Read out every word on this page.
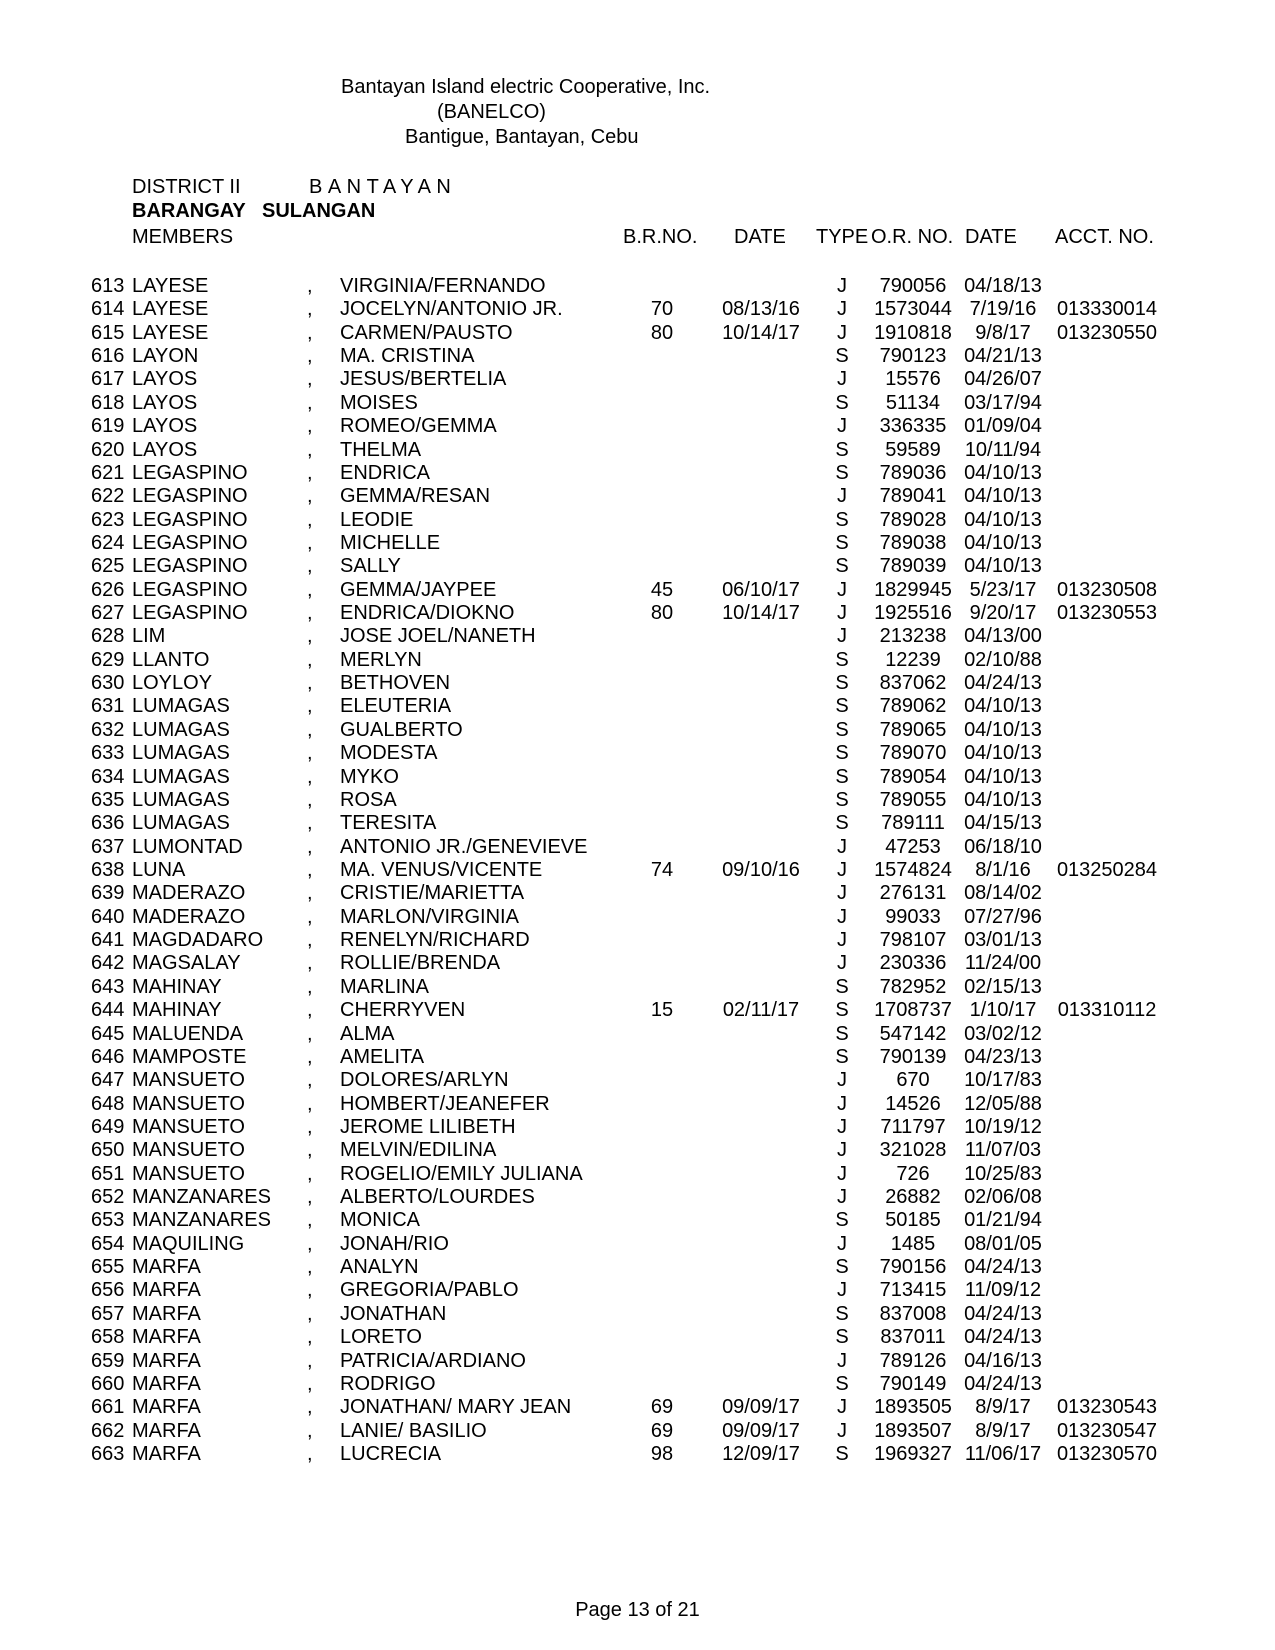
Bantayan Island electric Cooperative, Inc.
(BANELCO)
Bantigue, Bantayan, Cebu
DISTRICT II	BANTAYAN
BARANGAY SULANGAN
MEMBERS	B.R.NO. DATE TYPE O.R. NO. DATE ACCT. NO.
613 LAYESE	, VIRGINIA/FERNANDO	J	790056 04/18/13
614 LAYESE	, JOCELYN/ANTONIO JR.	70	08/13/16 J 1573044 7/19/16	013330014
615 LAYESE	, CARMEN/PAUSTO	80	10/14/17 J 1910818	9/8/17	013230550
616 LAYON	, MA. CRISTINA	S	790123 04/21/13
617 LAYOS	, JESUS/BERTELIA	J	15576	04/26/07
618 LAYOS	, MOISES	S	51134	03/17/94
619 LAYOS	, ROMEO/GEMMA	J	336335 01/09/04
620 LAYOS	, THELMA	S	59589	10/11/94
621 LEGASPINO	, ENDRICA	S	789036 04/10/13
622 LEGASPINO	, GEMMA/RESAN	J	789041 04/10/13
623 LEGASPINO	, LEODIE	S	789028 04/10/13
624 LEGASPINO	, MICHELLE	S	789038 04/10/13
625 LEGASPINO	, SALLY	S	789039 04/10/13
626 LEGASPINO	, GEMMA/JAYPEE	45	06/10/17 J 1829945 5/23/17	013230508
627 LEGASPINO	, ENDRICA/DIOKNO	80	10/14/17 J 1925516 9/20/17	013230553
628 LIM	, JOSE JOEL/NANETH	J	213238 04/13/00
629 LLANTO	, MERLYN	S	12239	02/10/88
630 LOYLOY	, BETHOVEN	S	837062 04/24/13
631 LUMAGAS	, ELEUTERIA	S	789062 04/10/13
632 LUMAGAS	, GUALBERTO	S	789065 04/10/13
633 LUMAGAS	, MODESTA	S	789070 04/10/13
634 LUMAGAS	, MYKO	S	789054 04/10/13
635 LUMAGAS	, ROSA	S	789055 04/10/13
636 LUMAGAS	, TERESITA	S	789111 04/15/13
637 LUMONTAD	, ANTONIO JR./GENEVIEVE	J	47253	06/18/10
638 LUNA	, MA. VENUS/VICENTE	74	09/10/16 J 1574824	8/1/16	013250284
639 MADERAZO	, CRISTIE/MARIETTA	J	276131 08/14/02
640 MADERAZO	, MARLON/VIRGINIA	J	99033	07/27/96
641 MAGDADARO , RENELYN/RICHARD	J	798107 03/01/13
642 MAGSALAY	, ROLLIE/BRENDA	J	230336 11/24/00
643 MAHINAY	, MARLINA	S	782952 02/15/13
644 MAHINAY	, CHERRYVEN	15	02/11/17 S 1708737 1/10/17	013310112
645 MALUENDA	, ALMA	S	547142 03/02/12
646 MAMPOSTE	, AMELITA	S	790139 04/23/13
647 MANSUETO	, DOLORES/ARLYN	J	670	10/17/83
648 MANSUETO	, HOMBERT/JEANEFER	J	14526	12/05/88
649 MANSUETO	, JEROME LILIBETH	J	711797 10/19/12
650 MANSUETO	, MELVIN/EDILINA	J	321028 11/07/03
651 MANSUETO	, ROGELIO/EMILY JULIANA	J	726	10/25/83
652 MANZANARES , ALBERTO/LOURDES	J	26882	02/06/08
653 MANZANARES , MONICA	S	50185	01/21/94
654 MAQUILING	, JONAH/RIO	J	1485	08/01/05
655 MARFA	, ANALYN	S	790156 04/24/13
656 MARFA	, GREGORIA/PABLO	J	713415 11/09/12
657 MARFA	, JONATHAN	S	837008 04/24/13
658 MARFA	, LORETO	S	837011 04/24/13
659 MARFA	, PATRICIA/ARDIANO	J	789126 04/16/13
660 MARFA	, RODRIGO	S	790149 04/24/13
661 MARFA	, JONATHAN/ MARY JEAN	69	09/09/17 J 1893505	8/9/17	013230543
662 MARFA	, LANIE/ BASILIO	69	09/09/17 J 1893507	8/9/17	013230547
663 MARFA	, LUCRECIA	98	12/09/17 S 1969327 11/06/17 013230570
Page 13 of 21
